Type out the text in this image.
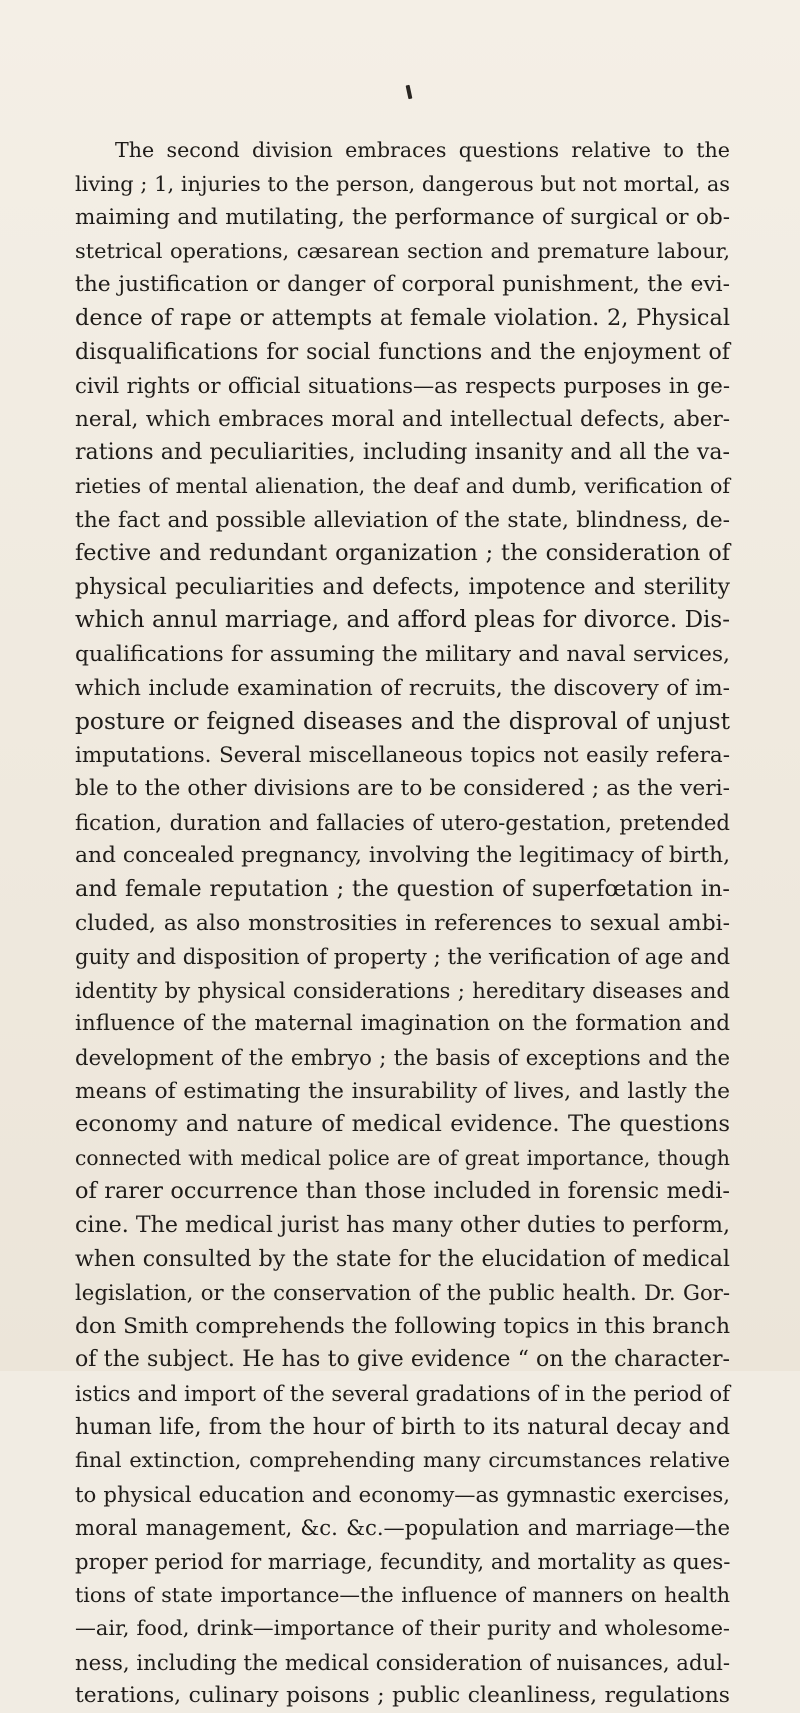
The second division embraces questions relative to the
living ; 1, injuries to the person, dangerous but not mortal, as
maiming and mutilating, the performance of surgical or ob-
stetrical operations, cæsarean section and premature labour,
the justification or danger of corporal punishment, the evi-
dence of rape or attempts at female violation. 2, Physical
disqualifications for social functions and the enjoyment of
civil rights or official situations—as respects purposes in ge-
neral, which embraces moral and intellectual defects, aber-
rations and peculiarities, including insanity and all the va-
rieties of mental alienation, the deaf and dumb, verification of
the fact and possible alleviation of the state, blindness, de-
fective and redundant organization ; the consideration of
physical peculiarities and defects, impotence and sterility
which annul marriage, and afford pleas for divorce. Dis-
qualifications for assuming the military and naval services,
which include examination of recruits, the discovery of im-
posture or feigned diseases and the disproval of unjust
imputations. Several miscellaneous topics not easily refera-
ble to the other divisions are to be considered ; as the veri-
fication, duration and fallacies of utero-gestation, pretended
and concealed pregnancy, involving the legitimacy of birth,
and female reputation ; the question of superfœtation in-
cluded, as also monstrosities in references to sexual ambi-
guity and disposition of property ; the verification of age and
identity by physical considerations ; hereditary diseases and
influence of the maternal imagination on the formation and
development of the embryo ; the basis of exceptions and the
means of estimating the insurability of lives, and lastly the
economy and nature of medical evidence. The questions
connected with medical police are of great importance, though
of rarer occurrence than those included in forensic medi-
cine. The medical jurist has many other duties to perform,
when consulted by the state for the elucidation of medical
legislation, or the conservation of the public health. Dr. Gor-
don Smith comprehends the following topics in this branch
of the subject. He has to give evidence “ on the character-
istics and import of the several gradations of in the period of
human life, from the hour of birth to its natural decay and
final extinction, comprehending many circumstances relative
to physical education and economy—as gymnastic exercises,
moral management, &c. &c.—population and marriage—the
proper period for marriage, fecundity, and mortality as ques-
tions of state importance—the influence of manners on health
—air, food, drink—importance of their purity and wholesome-
ness, including the medical consideration of nuisances, adul-
terations, culinary poisons ; public cleanliness, regulations
